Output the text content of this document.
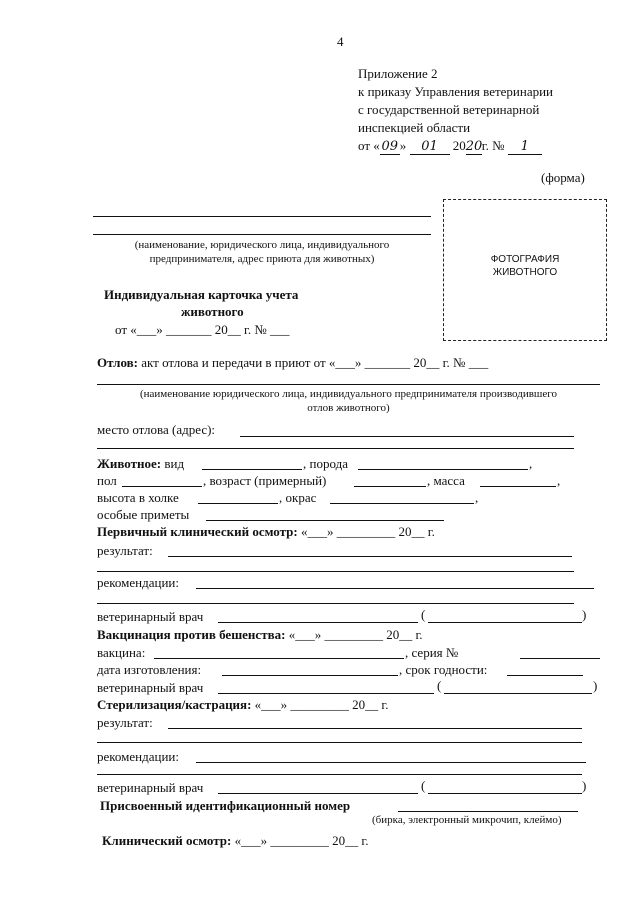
4
Приложение 2
к приказу Управления ветеринарии
с государственной ветеринарной
инспекцией области
от « 09 » 01 2020г. № 1
(форма)
(наименование, юридического лица, индивидуального
предпринимателя, адрес приюта для животных)	ФОТОГРАФИЯ
ЖИВОТНОГО
Индивидуальная карточка учета
животного
от «___» _______ 20__ г. № ___
Отлов: акт отлова и передачи в приют от «___» _______ 20__ г. № ___
(наименование юридического лица, индивидуального предпринимателя производившего
отлов животного)
место отлова (адрес):
Животное: вид	, порода	,
пол	, возраст (примерный)	, масса	,
высота в холке	, окрас	,
особые приметы
Первичный клинический осмотр: «___» _________ 20__ г.
результат:
рекомендации:
ветеринарный врач	(	)
Вакцинация против бешенства: «___» _________ 20__ г.
вакцина:	, серия №
дата изготовления:	, срок годности:
ветеринарный врач	(	)
Стерилизация/кастрация: «___» _________ 20__ г.
результат:
рекомендации:
ветеринарный врач	(	)
Присвоенный идентификационный номер
(бирка, электронный микрочип, клеймо)
Клинический осмотр: «___» _________ 20__ г.
